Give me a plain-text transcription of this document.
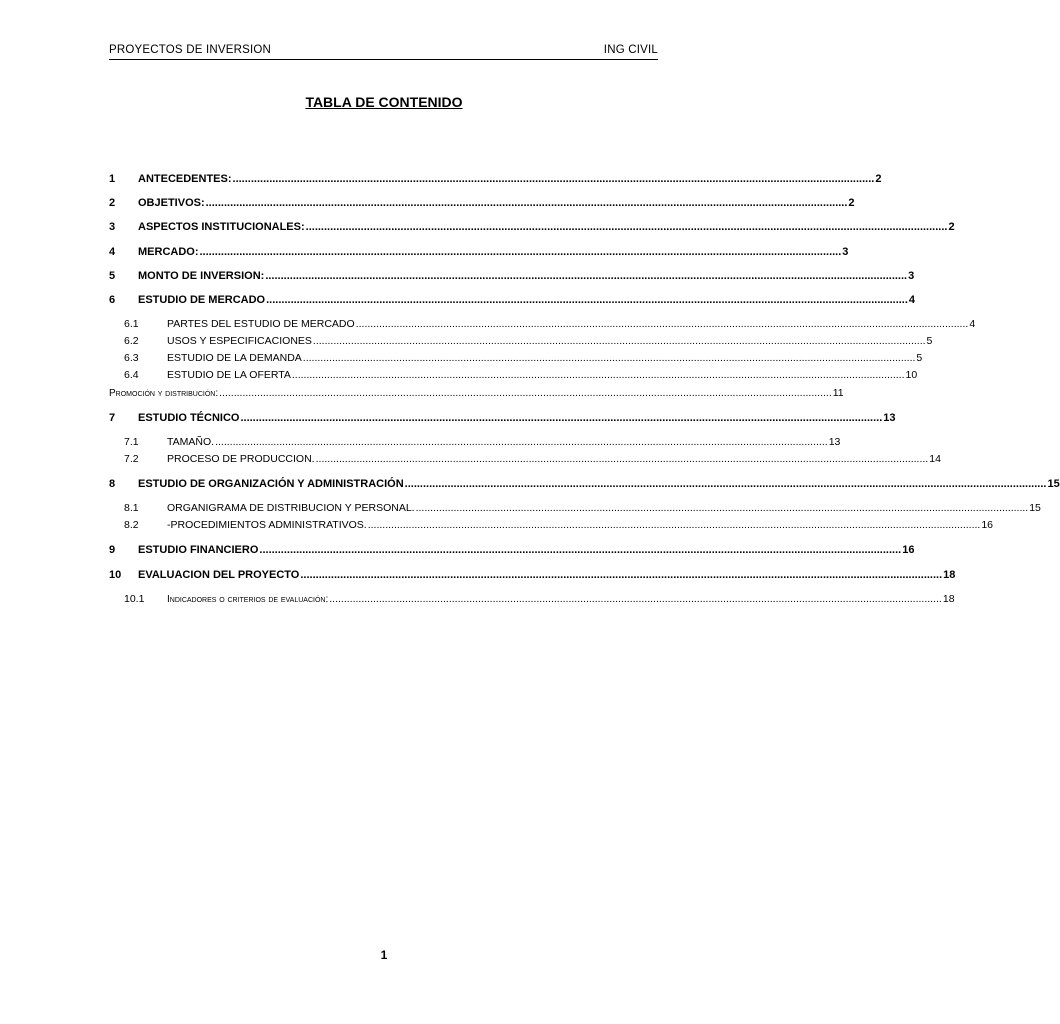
PROYECTOS DE INVERSION	ING CIVIL
TABLA DE CONTENIDO
1	ANTECEDENTES: .................................................................................................................................................................................................................. 2
2	OBJETIVOS: .................................................................................................................................................................................................................. 2
3	ASPECTOS INSTITUCIONALES: .................................................................................................................................................................................................................. 2
4	MERCADO: .................................................................................................................................................................................................................. 3
5	MONTO DE INVERSION: .................................................................................................................................................................................................................. 3
6	ESTUDIO DE MERCADO .................................................................................................................................................................................................................. 4
6.1	PARTES DEL ESTUDIO DE MERCADO .................................................................................................................................................................................................................. 4
6.2	USOS Y ESPECIFICACIONES .................................................................................................................................................................................................................. 5
6.3	ESTUDIO DE LA DEMANDA .................................................................................................................................................................................................................. 5
6.4	ESTUDIO DE LA OFERTA .................................................................................................................................................................................................................. 10
Promoción y distribución: .................................................................................................................................................................................................................. 11
7	ESTUDIO TÉCNICO .................................................................................................................................................................................................................. 13
7.1	TAMAÑO. .................................................................................................................................................................................................................. 13
7.2	PROCESO DE PRODUCCION. .................................................................................................................................................................................................................. 14
8	ESTUDIO DE ORGANIZACIÓN Y ADMINISTRACIÓN .................................................................................................................................................................................................................. 15
8.1	ORGANIGRAMA DE DISTRIBUCION Y PERSONAL. .................................................................................................................................................................................................................. 15
8.2	-PROCEDIMIENTOS ADMINISTRATIVOS. .................................................................................................................................................................................................................. 16
9	ESTUDIO FINANCIERO .................................................................................................................................................................................................................. 16
10	EVALUACION DEL PROYECTO .................................................................................................................................................................................................................. 18
10.1	Indicadores o criterios de evaluación: .................................................................................................................................................................................................................. 18
1
